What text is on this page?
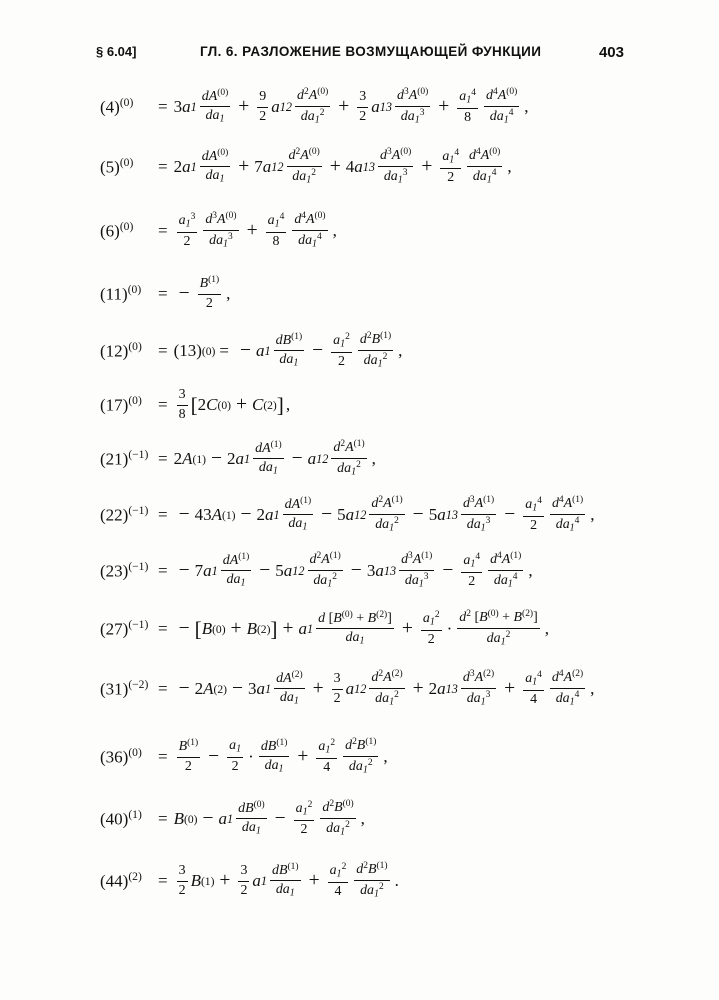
§ 6.04]	ГЛ. 6. РАЗЛОЖЕНИЕ ВОЗМУЩАЮЩЕЙ ФУНКЦИИ	403
$(4)^{(0)}$	= 3 a $1 \frac{dA^{(0)}}{da1} + \frac{9}{2}$ a 1 $2 \frac{d^2A^{(0)}}{da1^2} + \frac{3}{2}$ a 1 $3 \frac{d^3A^{(0)}}{da1^3} + \frac{a1^4}{8} \frac{d^4A^{(0)}}{da1^4}$ ,
$(5)^{(0)}$	= 2 a $1 \frac{dA^{(0)}}{da1} + 7$ a 1 $2 \frac{d^2A^{(0)}}{da1^2} + 4$ a 1 $3 \frac{d^3A^{(0)}}{da1^3} + \frac{a1^4}{2} \frac{d^4A^{(0)}}{da1^4}$ ,
$(6)^{(0)}$	= $\frac{a1^3}{2} \frac{d^3A^{(0)}}{da1^3} + \frac{a1^4}{8} \frac{d^4A^{(0)}}{da1^4}$ ,
$(11)^{(0)}$ = − $\frac{B^{(1)}}{2}$ ,
$(12)^{(0)} = (13) (0)$ = − a $1 \frac{dB^{(1)}}{da1} - \frac{a1^2}{2} \frac{d^2B^{(1)}}{da1^2}$ ,
$(17)^{(0)} = \frac{3}{8}$ [ 2 C (0) + C (2) ] ,
$(21)^{(-1)} = 2$ A (1) − 2 a $1 \frac{dA^{(1)}}{da1} - a$ 1 $2 \frac{d^2A^{(1)}}{da1^2}$ ,
$(22)^{(-1)}$ = − 43 A (1) − 2 a $1 \frac{dA^{(1)}}{da1} - 5$ a 1 $2 \frac{d^2A^{(1)}}{da1^2} - 5$ a 1 $3 \frac{d^3A^{(1)}}{da1^3} - \frac{a1^4}{2} \frac{d^4A^{(1)}}{da1^4}$ ,
$(23)^{(-1)}$ = − 7 a $1 \frac{dA^{(1)}}{da1} - 5$ a 1 $2 \frac{d^2A^{(1)}}{da1^2} - 3$ a 1 $3 \frac{d^3A^{(1)}}{da1^3} - \frac{a1^4}{2} \frac{d^4A^{(1)}}{da1^4}$ ,
$(27)^{(-1)}$ = − [ B (0) + B (2) ] + a $1 \frac{d [B^{(0)} + B^{(2)}]}{da1} + \frac{a1^2}{2} \cdot \frac{d^2 [B^{(0)} + B^{(2)}]}{da1^2}$ ,
$(31)^{(-2)}$ = − 2 A (2) − 3 a $1 \frac{dA^{(2)}}{da1} + \frac{3}{2}$ a 1 $2 \frac{d^2A^{(2)}}{da1^2} + 2$ a 1 $3 \frac{d^3A^{(2)}}{da1^3} + \frac{a1^4}{4} \frac{d^4A^{(2)}}{da1^4}$ ,
$(36)^{(0)} = \frac{B^{(1)}}{2} - \frac{a1}{2} \cdot \frac{dB^{(1)}}{da1} + \frac{a1^2}{4} \frac{d^2B^{(1)}}{da1^2}$ ,
$(40)^{(1)} = B$ (0) − a $1 \frac{dB^{(0)}}{da1} - \frac{a1^2}{2} \frac{d^2B^{(0)}}{da1^2}$ ,
$(44)^{(2)} = \frac{3}{2}$ B $(1) + \frac{3}{2}$ a $1 \frac{dB^{(1)}}{da1} + \frac{a1^2}{4} \frac{d^2B^{(1)}}{da1^2}$ .
